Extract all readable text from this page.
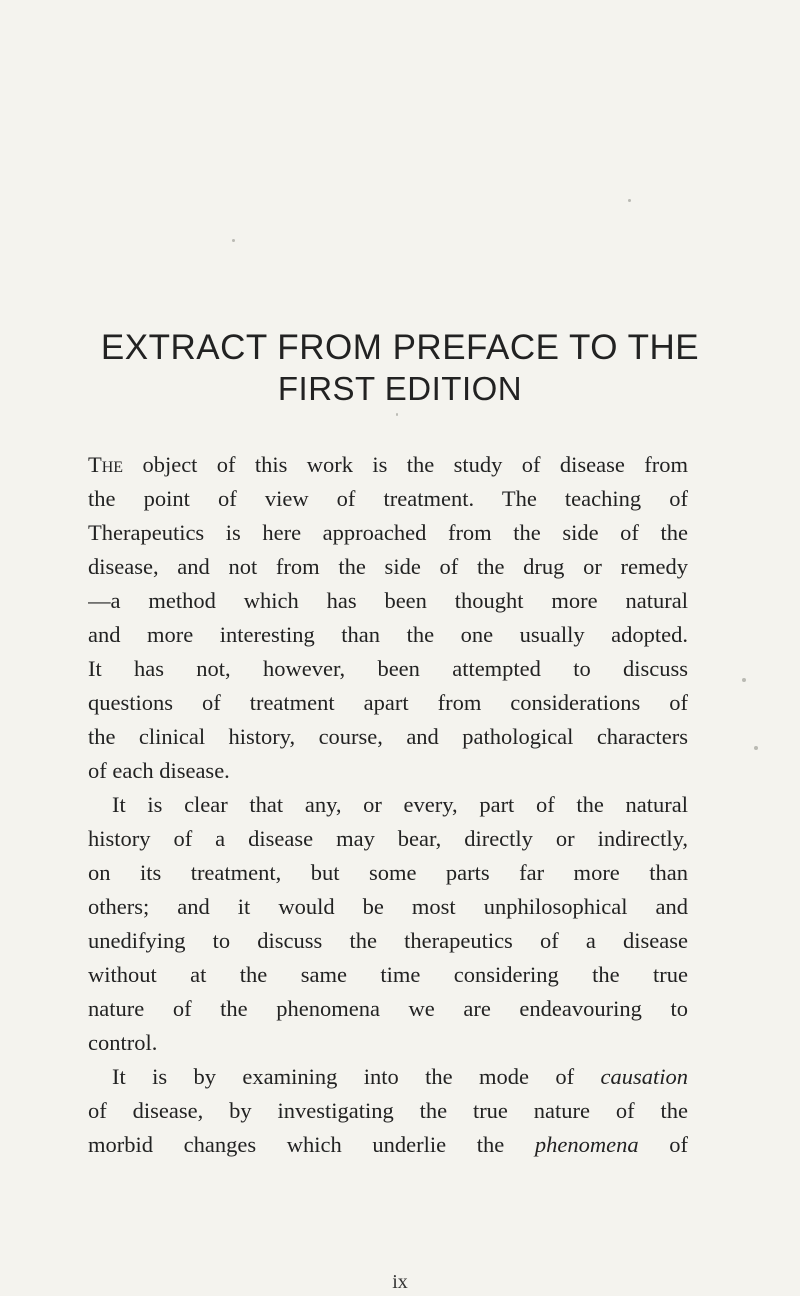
EXTRACT FROM PREFACE TO THE
FIRST EDITION
The object of this work is the study of disease from
the point of view of treatment. The teaching of
Therapeutics is here approached from the side of the
disease, and not from the side of the drug or remedy
—a method which has been thought more natural
and more interesting than the one usually adopted.
It has not, however, been attempted to discuss
questions of treatment apart from considerations of
the clinical history, course, and pathological characters
of each disease.
It is clear that any, or every, part of the natural
history of a disease may bear, directly or indirectly,
on its treatment, but some parts far more than
others; and it would be most unphilosophical and
unedifying to discuss the therapeutics of a disease
without at the same time considering the true
nature of the phenomena we are endeavouring to
control.
It is by examining into the mode of causation
of disease, by investigating the true nature of the
morbid changes which underlie the phenomena of
ix
